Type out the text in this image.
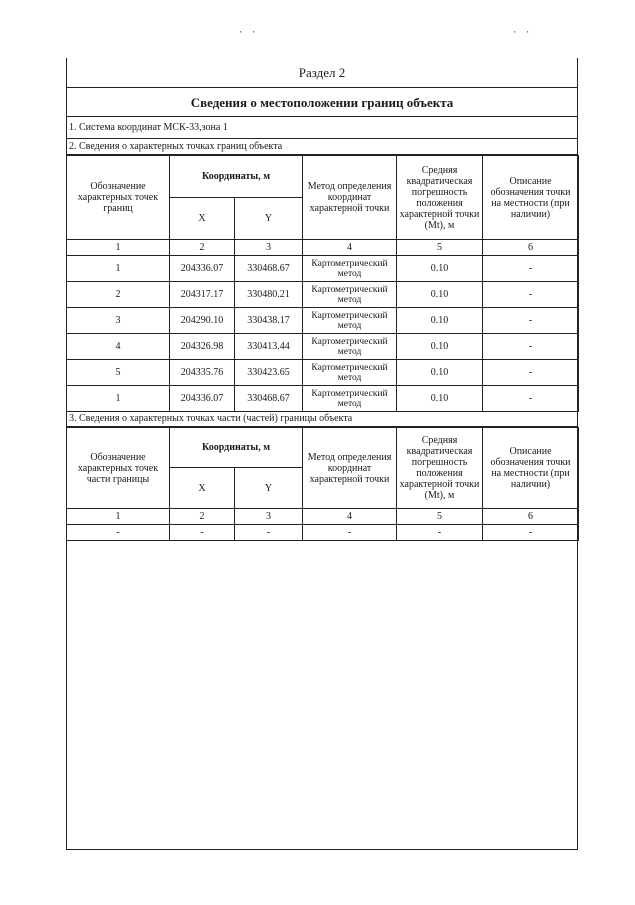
· ·	· ·
Раздел 2
Сведения о местоположении границ объекта
1. Система координат МСК-33,зона 1
2. Сведения о характерных точках границ объекта
Обозначение характерных точек границ	Координаты, м		Метод определения координат характерной точки	Средняя квадратическая погрешность положения характерной точки (Mt), м	Описание обозначения точки на местности (при наличии)
	X	Y			
1	2	3	4	5	6
1	204336.07	330468.67	Картометрический метод	0.10	-
2	204317.17	330480.21	Картометрический метод	0.10	-
3	204290.10	330438.17	Картометрический метод	0.10	-
4	204326.98	330413.44	Картометрический метод	0.10	-
5	204335.76	330423.65	Картометрический метод	0.10	-
1	204336.07	330468.67	Картометрический метод	0.10	-
3. Сведения о характерных точках части (частей) границы объекта
Обозначение характерных точек части границы	Координаты, м		Метод определения координат характерной точки	Средняя квадратическая погрешность положения характерной точки (Mt), м	Описание обозначения точки на местности (при наличии)
	X	Y			
1	2	3	4	5	6
-	-	-	-	-	-
